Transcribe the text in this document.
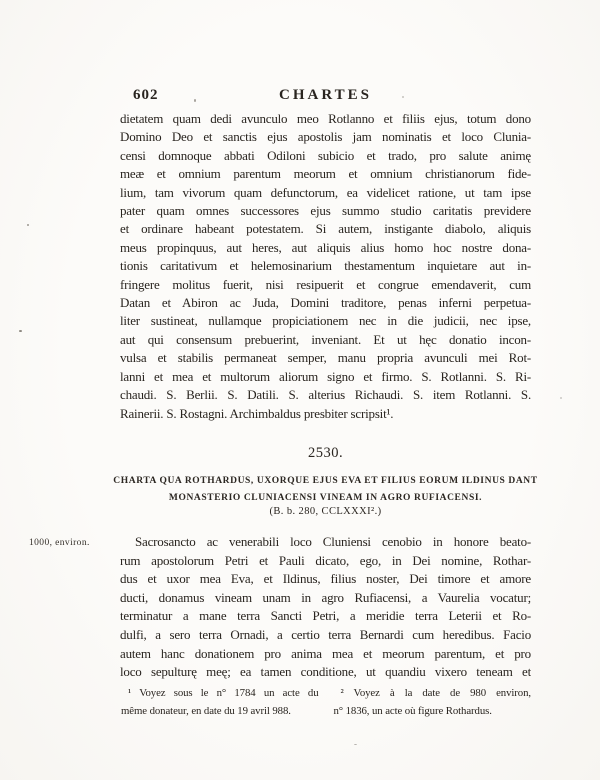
602	CHARTES
dietatem quam dedi avunculo meo Rotlanno et filiis ejus, totum dono
Domino Deo et sanctis ejus apostolis jam nominatis et loco Clunia-
censi domnoque abbati Odiloni subicio et trado, pro salute animę
meæ et omnium parentum meorum et omnium christianorum fide-
lium, tam vivorum quam defunctorum, ea videlicet ratione, ut tam ipse
pater quam omnes successores ejus summo studio caritatis previdere
et ordinare habeant potestatem. Si autem, instigante diabolo, aliquis
meus propinquus, aut heres, aut aliquis alius homo hoc nostre dona-
tionis caritativum et helemosinarium thestamentum inquietare aut in-
fringere molitus fuerit, nisi resipuerit et congrue emendaverit, cum
Datan et Abiron ac Juda, Domini traditore, penas inferni perpetua-
liter sustineat, nullamque propiciationem nec in die judicii, nec ipse,
aut qui consensum prebuerint, inveniant. Et ut hęc donatio incon-
vulsa et stabilis permaneat semper, manu propria avunculi mei Rot-
lanni et mea et multorum aliorum signo et firmo. S. Rotlanni. S. Ri-
chaudi. S. Berlii. S. Datili. S. alterius Richaudi. S. item Rotlanni. S.
Rainerii. S. Rostagni. Archimbaldus presbiter scripsit¹.
2530.
CHARTA QUA ROTHARDUS, UXORQUE EJUS EVA ET FILIUS EORUM ILDINUS DANT
MONASTERIO CLUNIACENSI VINEAM IN AGRO RUFIACENSI.
(B. b. 280, CCLXXXI².)
1000, environ.	Sacrosancto ac venerabili loco Cluniensi cenobio in honore beato-
rum apostolorum Petri et Pauli dicato, ego, in Dei nomine, Rothar-
dus et uxor mea Eva, et Ildinus, filius noster, Dei timore et amore
ducti, donamus vineam unam in agro Rufiacensi, a Vaurelia vocatur;
terminatur a mane terra Sancti Petri, a meridie terra Leterii et Ro-
dulfi, a sero terra Ornadi, a certio terra Bernardi cum heredibus. Facio
autem hanc donationem pro anima mea et meorum parentum, et pro
loco sepulturę meę; ea tamen conditione, ut quandiu vixero teneam et
¹ Voyez sous le n° 1784 un acte du
même donateur, en date du 19 avril 988.
² Voyez à la date de 980 environ,
n° 1836, un acte où figure Rothardus.
